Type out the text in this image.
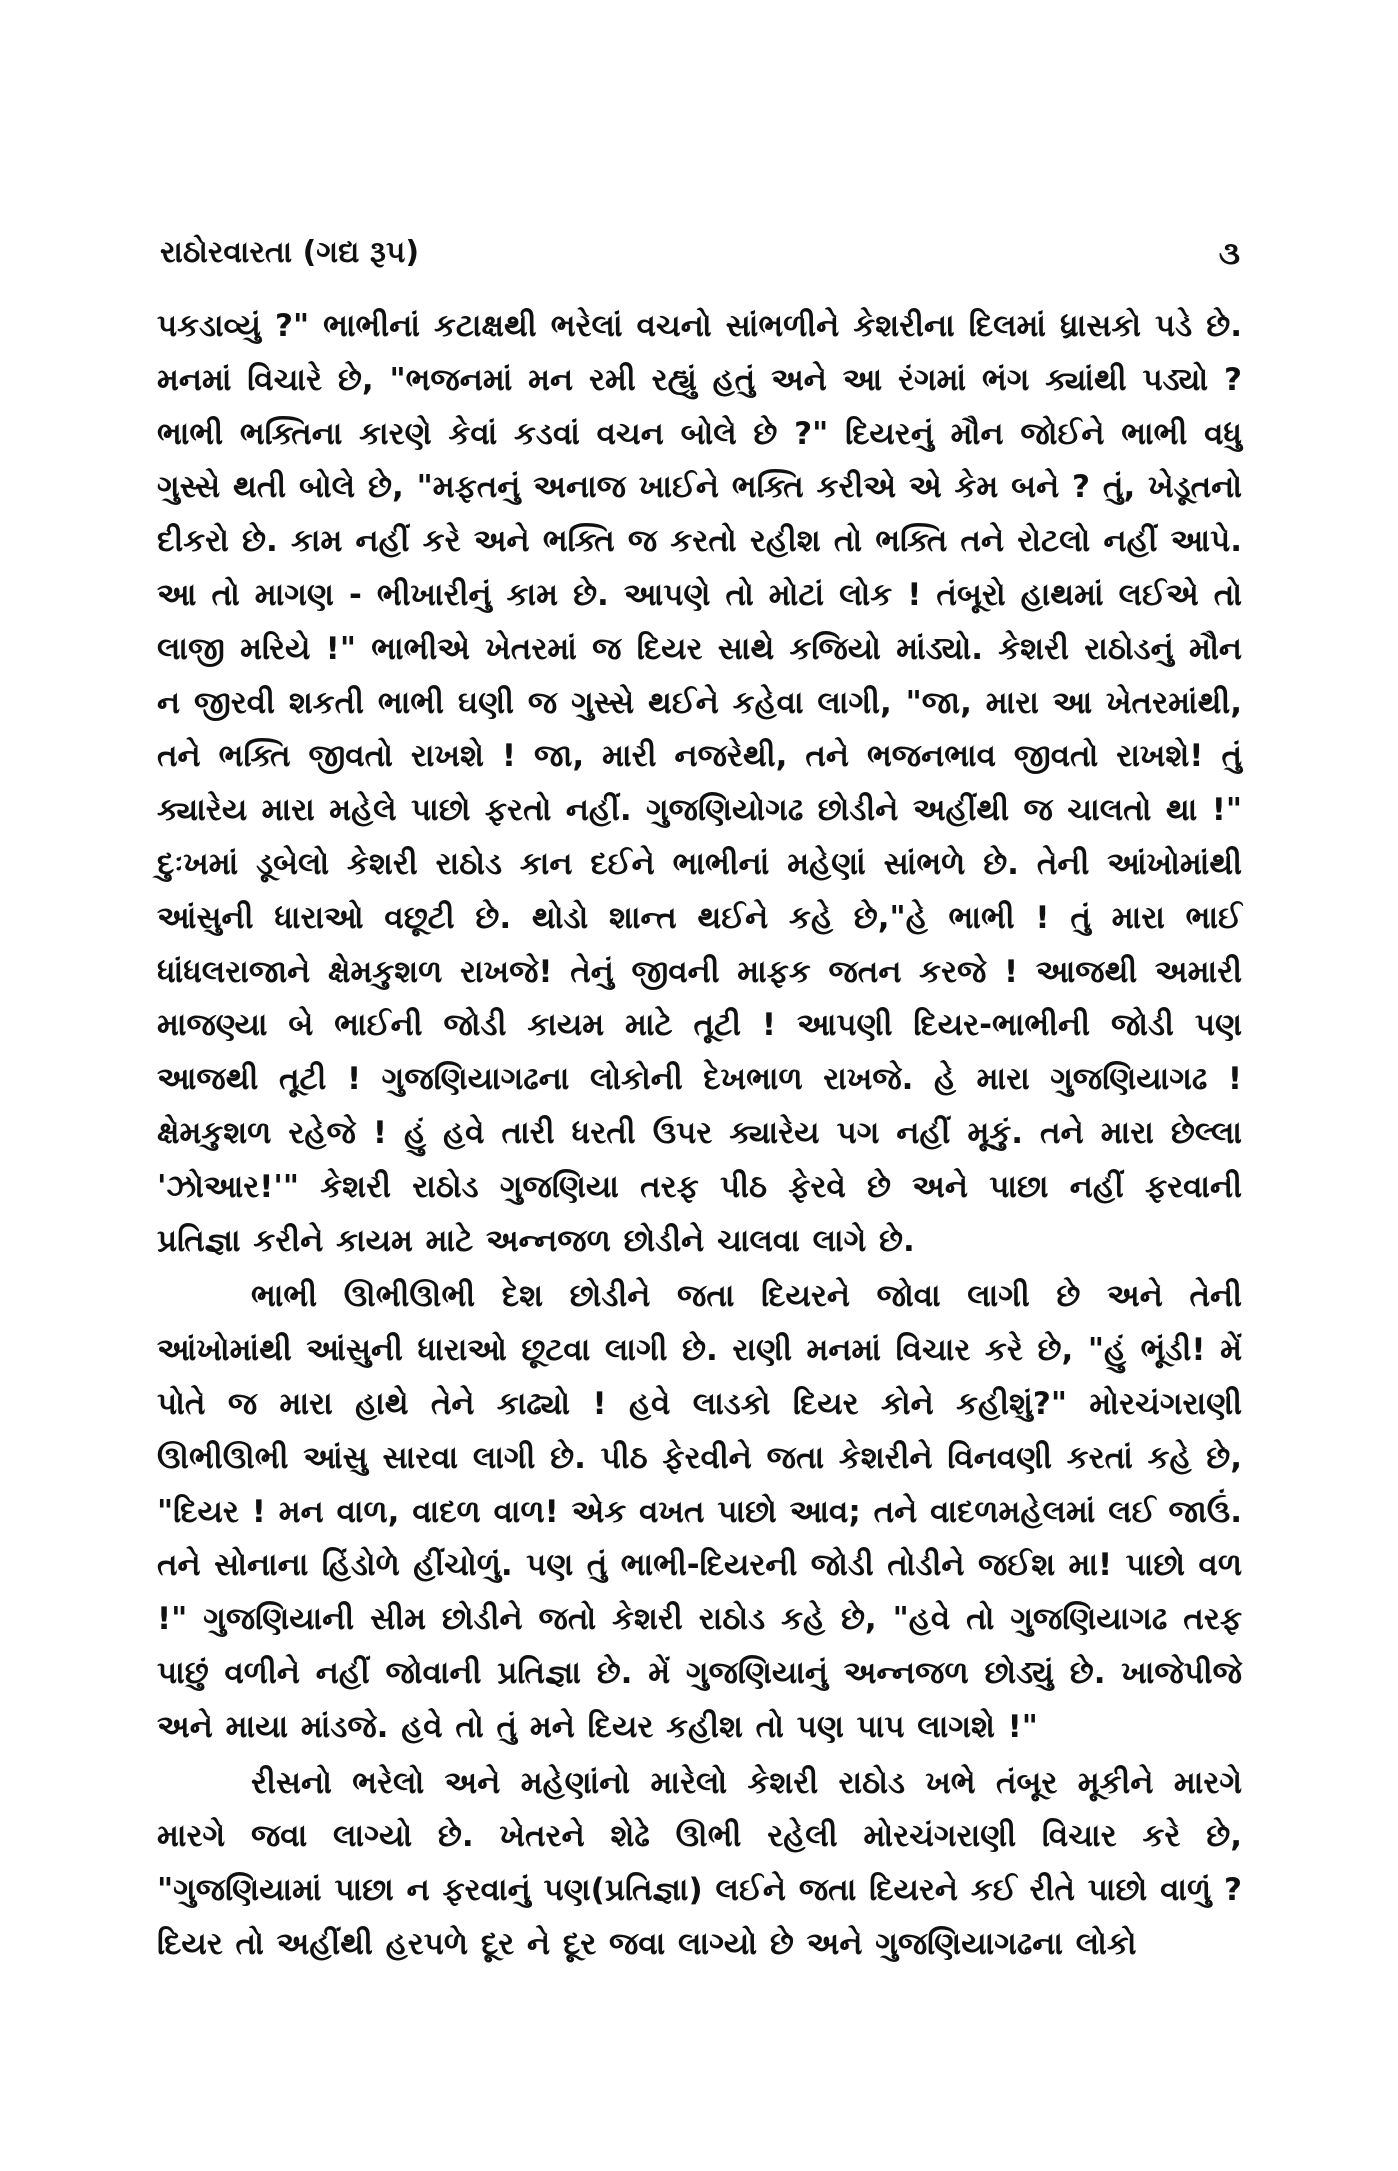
રાઠોરવારતા (ગદ્ય રૂપ)	૩

પકડાવ્યું ?" ભાભીનાં કટાક્ષથી ભરેલાં વચનો સાંભળીને કેશરીના દિલમાં ધ્રાસકો પડે છે. મનમાં વિચારે છે, "ભજનમાં મન રમી રહ્યું હતું અને આ રંગમાં ભંગ ક્યાંથી પડ્યો ? ભાભી ભક્તિના કારણે કેવાં કડવાં વચન બોલે છે ?" દિયરનું મૌન જોઈને ભાભી વધુ ગુસ્સે થતી બોલે છે, "મફતનું અનાજ ખાઈને ભક્તિ કરીએ એ કેમ બને ? તું, ખેડૂતનો દીકરો છે. કામ નહીં કરે અને ભક્તિ જ કરતો રહીશ તો ભક્તિ તને રોટલો નહીં આપે. આ તો માગણ - ભીખારીનું કામ છે. આપણે તો મોટાં લોક ! તંબૂરો હાથમાં લઈએ તો લાજી મરિયે !" ભાભીએ ખેતરમાં જ દિયર સાથે કજિયો માંડ્યો. કેશરી રાઠોડનું મૌન ન જીરવી શકતી ભાભી ઘણી જ ગુસ્સે થઈને કહેવા લાગી, "જા, મારા આ ખેતરમાંથી, તને ભક્તિ જીવતો રાખશે ! જા, મારી નજરેથી, તને ભજનભાવ જીવતો રાખશે! તું ક્યારેય મારા મહેલે પાછો ફરતો નહીં. ગુજણિયોગઢ છોડીને અહીંથી જ ચાલતો થા !" દુઃખમાં ડૂબેલો કેશરી રાઠોડ કાન દઈને ભાભીનાં મહેણાં સાંભળે છે. તેની આંખોમાંથી આંસુની ધારાઓ વછૂટી છે. થોડો શાન્ત થઈને કહે છે,"હે ભાભી ! તું મારા ભાઈ ધાંધલરાજાને ક્ષેમકુશળ રાખજે! તેનું જીવની માફક જતન કરજે ! આજથી અમારી માજણ્યા બે ભાઈની જોડી કાયમ માટે તૂટી ! આપણી દિયર-ભાભીની જોડી પણ આજથી તૂટી ! ગુજણિયાગઢના લોકોની દેખભાળ રાખજે. હે મારા ગુજણિયાગઢ ! ક્ષેમકુશળ રહેજે ! હું હવે તારી ધરતી ઉપર ક્યારેય પગ નહીં મૂકું. તને મારા છેલ્લા 'ઝોઆર!'" કેશરી રાઠોડ ગુજણિયા તરફ પીઠ ફેરવે છે અને પાછા નહીં ફરવાની પ્રતિજ્ઞા કરીને કાયમ માટે અન્નજળ છોડીને ચાલવા લાગે છે.

ભાભી ઊભીઊભી દેશ છોડીને જતા દિયરને જોવા લાગી છે અને તેની આંખોમાંથી આંસુની ધારાઓ છૂટવા લાગી છે. રાણી મનમાં વિચાર કરે છે, "હું ભૂંડી! મેં પોતે જ મારા હાથે તેને કાઢ્યો ! હવે લાડકો દિયર કોને કહીશું?" મોરચંગરાણી ઊભીઊભી આંસુ સારવા લાગી છે. પીઠ ફેરવીને જતા કેશરીને વિનવણી કરતાં કહે છે, "દિયર ! મન વાળ, વાદળ વાળ! એક વખત પાછો આવ; તને વાદળમહેલમાં લઈ જાઉં. તને સોનાના હિંડોળે હીંચોળું. પણ તું ભાભી-દિયરની જોડી તોડીને જઈશ મા! પાછો વળ !" ગુજણિયાની સીમ છોડીને જતો કેશરી રાઠોડ કહે છે, "હવે તો ગુજણિયાગઢ તરફ પાછું વળીને નહીં જોવાની પ્રતિજ્ઞા છે. મેં ગુજણિયાનું અન્નજળ છોડ્યું છે. ખાજેપીજે અને માયા માંડજે. હવે તો તું મને દિયર કહીશ તો પણ પાપ લાગશે !"

રીસનો ભરેલો અને મહેણાંનો મારેલો કેશરી રાઠોડ ખભે તંબૂર મૂકીને મારગે મારગે જવા લાગ્યો છે. ખેતરને શેઢે ઊભી રહેલી મોરચંગરાણી વિચાર કરે છે, "ગુજણિયામાં પાછા ન ફરવાનું પણ(પ્રતિજ્ઞા) લઈને જતા દિયરને કઈ રીતે પાછો વાળું ? દિયર તો અહીંથી હરપળે દૂર ને દૂર જવા લાગ્યો છે અને ગુજણિયાગઢના લોકો
